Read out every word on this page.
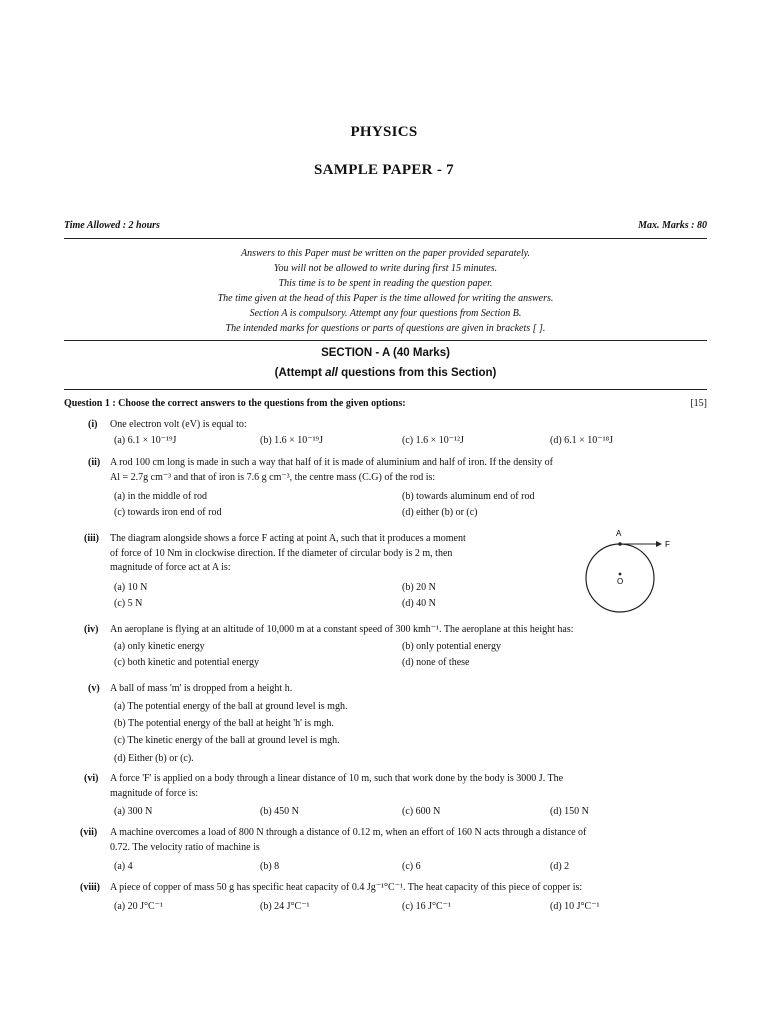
PHYSICS
SAMPLE PAPER - 7
Time Allowed : 2 hours	Max. Marks : 80
Answers to this Paper must be written on the paper provided separately.
You will not be allowed to write during first 15 minutes.
This time is to be spent in reading the question paper.
The time given at the head of this Paper is the time allowed for writing the answers.
Section A is compulsory. Attempt any four questions from Section B.
The intended marks for questions or parts of questions are given in brackets [ ].
SECTION - A (40 Marks)
(Attempt all questions from this Section)
Question 1 : Choose the correct answers to the questions from the given options:	[15]
(i) One electron volt (eV) is equal to:
(a) 6.1 × 10⁻¹⁹J	(b) 1.6 × 10⁻¹⁹J	(c) 1.6 × 10⁻¹²J	(d) 6.1 × 10⁻¹⁸J
(ii) A rod 100 cm long is made in such a way that half of it is made of aluminium and half of iron. If the density of
Al = 2.7g cm⁻³ and that of iron is 7.6 g cm⁻³, the centre mass (C.G) of the rod is:
(a) in the middle of rod	(b) towards aluminum end of rod
(c) towards iron end of rod	(d) either (b) or (c)
(iii) The diagram alongside shows a force F acting at point A, such that it produces a moment
of force of 10 Nm in clockwise direction. If the diameter of circular body is 2 m, then
magnitude of force act at A is:
(a) 10 N	(b) 20 N
(c) 5 N	(d) 40 N
A
F
O
(iv) An aeroplane is flying at an altitude of 10,000 m at a constant speed of 300 kmh⁻¹. The aeroplane at this height has:
(a) only kinetic energy	(b) only potential energy
(c) both kinetic and potential energy	(d) none of these
(v) A ball of mass 'm' is dropped from a height h.
(a) The potential energy of the ball at ground level is mgh.
(b) The potential energy of the ball at height 'h' is mgh.
(c) The kinetic energy of the ball at ground level is mgh.
(d) Either (b) or (c).
(vi) A force 'F' is applied on a body through a linear distance of 10 m, such that work done by the body is 3000 J. The
magnitude of force is:
(a) 300 N	(b) 450 N	(c) 600 N	(d) 150 N
(vii) A machine overcomes a load of 800 N through a distance of 0.12 m, when an effort of 160 N acts through a distance of
0.72. The velocity ratio of machine is
(a) 4	(b) 8	(c) 6	(d) 2
(viii) A piece of copper of mass 50 g has specific heat capacity of 0.4 Jg⁻¹°C⁻¹. The heat capacity of this piece of copper is:
(a) 20 J°C⁻¹	(b) 24 J°C⁻¹	(c) 16 J°C⁻¹	(d) 10 J°C⁻¹
